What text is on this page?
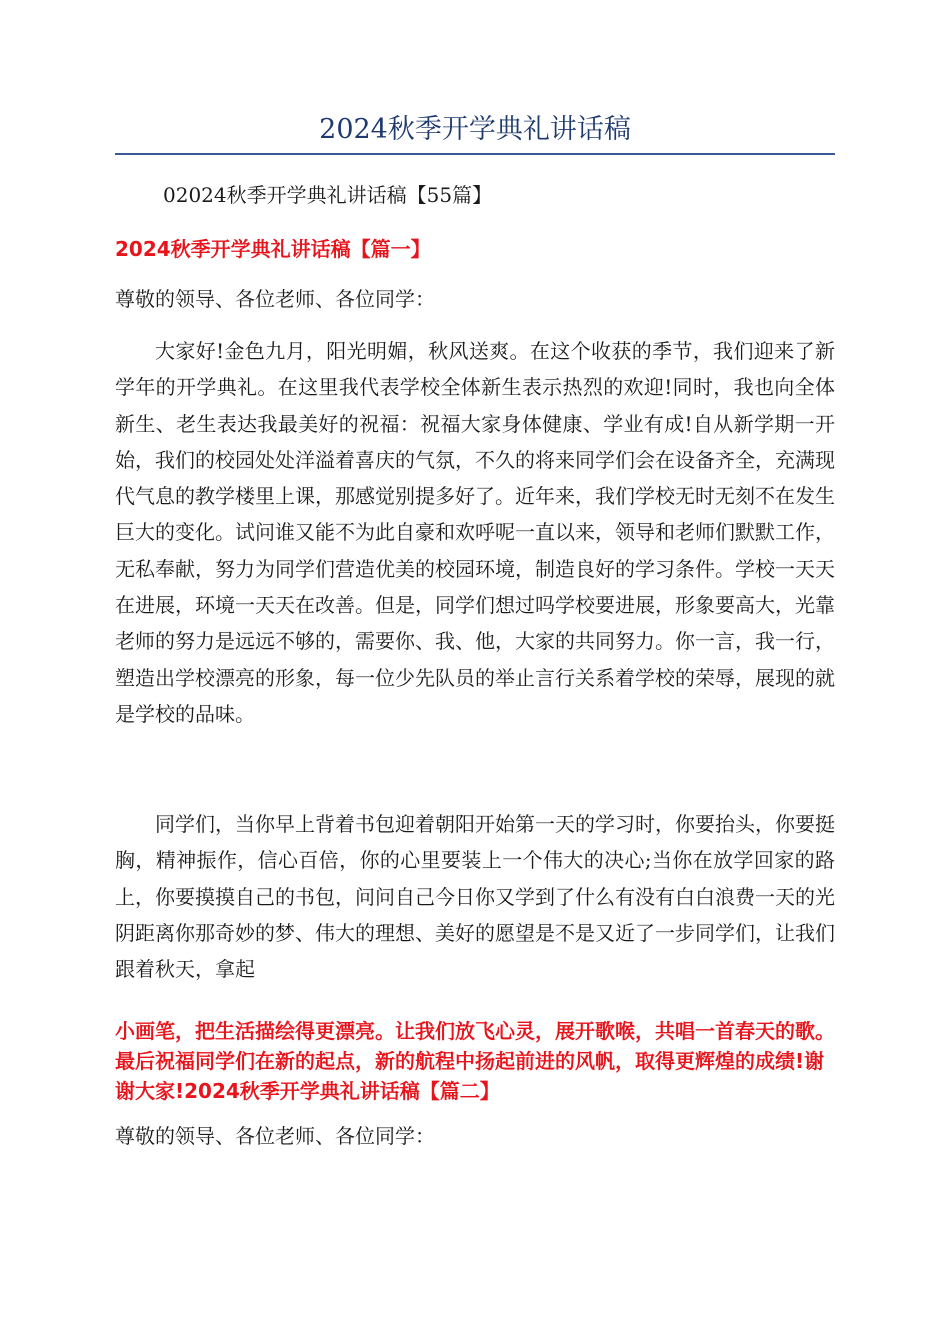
2024秋季开学典礼讲话稿

02024秋季开学典礼讲话稿【55篇】

2024秋季开学典礼讲话稿【篇一】

尊敬的领导、各位老师、各位同学：

大家好!金色九月，阳光明媚，秋风送爽。在这个收获的季节，我们迎来了新学年的开学典礼。在这里我代表学校全体新生表示热烈的欢迎!同时，我也向全体新生、老生表达我最美好的祝福：祝福大家身体健康、学业有成!自从新学期一开始，我们的校园处处洋溢着喜庆的气氛，不久的将来同学们会在设备齐全，充满现代气息的教学楼里上课，那感觉别提多好了。近年来，我们学校无时无刻不在发生巨大的变化。试问谁又能不为此自豪和欢呼呢一直以来，领导和老师们默默工作，无私奉献，努力为同学们营造优美的校园环境，制造良好的学习条件。学校一天天在进展，环境一天天在改善。但是，同学们想过吗学校要进展，形象要高大，光靠老师的努力是远远不够的，需要你、我、他，大家的共同努力。你一言，我一行，塑造出学校漂亮的形象，每一位少先队员的举止言行关系着学校的荣辱，展现的就是学校的品味。

同学们，当你早上背着书包迎着朝阳开始第一天的学习时，你要抬头，你要挺胸，精神振作，信心百倍，你的心里要装上一个伟大的决心;当你在放学回家的路上，你要摸摸自己的书包，问问自己今日你又学到了什么有没有白白浪费一天的光阴距离你那奇妙的梦、伟大的理想、美好的愿望是不是又近了一步同学们，让我们跟着秋天，拿起

小画笔，把生活描绘得更漂亮。让我们放飞心灵，展开歌喉，共唱一首春天的歌。最后祝福同学们在新的起点，新的航程中扬起前进的风帆，取得更辉煌的成绩!谢谢大家!2024秋季开学典礼讲话稿【篇二】

尊敬的领导、各位老师、各位同学：
